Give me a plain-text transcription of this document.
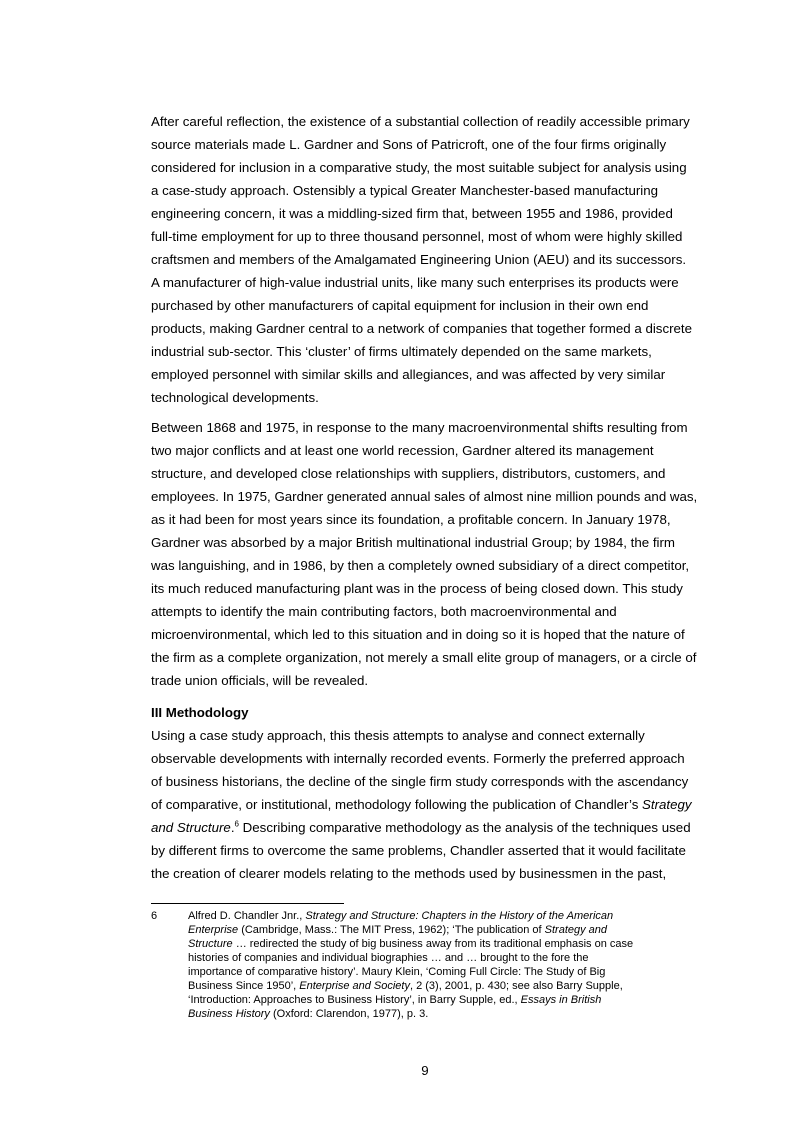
After careful reflection, the existence of a substantial collection of readily accessible primary
source materials made L. Gardner and Sons of Patricroft, one of the four firms originally
considered for inclusion in a comparative study, the most suitable subject for analysis using
a case-study approach. Ostensibly a typical Greater Manchester-based manufacturing
engineering concern, it was a middling-sized firm that, between 1955 and 1986, provided
full-time employment for up to three thousand personnel, most of whom were highly skilled
craftsmen and members of the Amalgamated Engineering Union (AEU) and its successors.
A manufacturer of high-value industrial units, like many such enterprises its products were
purchased by other manufacturers of capital equipment for inclusion in their own end
products, making Gardner central to a network of companies that together formed a discrete
industrial sub-sector. This ‘cluster’ of firms ultimately depended on the same markets,
employed personnel with similar skills and allegiances, and was affected by very similar
technological developments.
Between 1868 and 1975, in response to the many macroenvironmental shifts resulting from
two major conflicts and at least one world recession, Gardner altered its management
structure, and developed close relationships with suppliers, distributors, customers, and
employees. In 1975, Gardner generated annual sales of almost nine million pounds and was,
as it had been for most years since its foundation, a profitable concern. In January 1978,
Gardner was absorbed by a major British multinational industrial Group; by 1984, the firm
was languishing, and in 1986, by then a completely owned subsidiary of a direct competitor,
its much reduced manufacturing plant was in the process of being closed down. This study
attempts to identify the main contributing factors, both macroenvironmental and
microenvironmental, which led to this situation and in doing so it is hoped that the nature of
the firm as a complete organization, not merely a small elite group of managers, or a circle of
trade union officials, will be revealed.
III Methodology
Using a case study approach, this thesis attempts to analyse and connect externally
observable developments with internally recorded events. Formerly the preferred approach
of business historians, the decline of the single firm study corresponds with the ascendancy
of comparative, or institutional, methodology following the publication of Chandler’s Strategy
and Structure.$^6$ Describing comparative methodology as the analysis of the techniques used
by different firms to overcome the same problems, Chandler asserted that it would facilitate
the creation of clearer models relating to the methods used by businessmen in the past,
6	Alfred D. Chandler Jnr., Strategy and Structure: Chapters in the History of the American
Enterprise (Cambridge, Mass.: The MIT Press, 1962); ‘The publication of Strategy and
Structure … redirected the study of big business away from its traditional emphasis on case
histories of companies and individual biographies … and … brought to the fore the
importance of comparative history’. Maury Klein, ‘Coming Full Circle: The Study of Big
Business Since 1950’, Enterprise and Society, 2 (3), 2001, p. 430; see also Barry Supple,
‘Introduction: Approaches to Business History’, in Barry Supple, ed., Essays in British
Business History (Oxford: Clarendon, 1977), p. 3.
9
